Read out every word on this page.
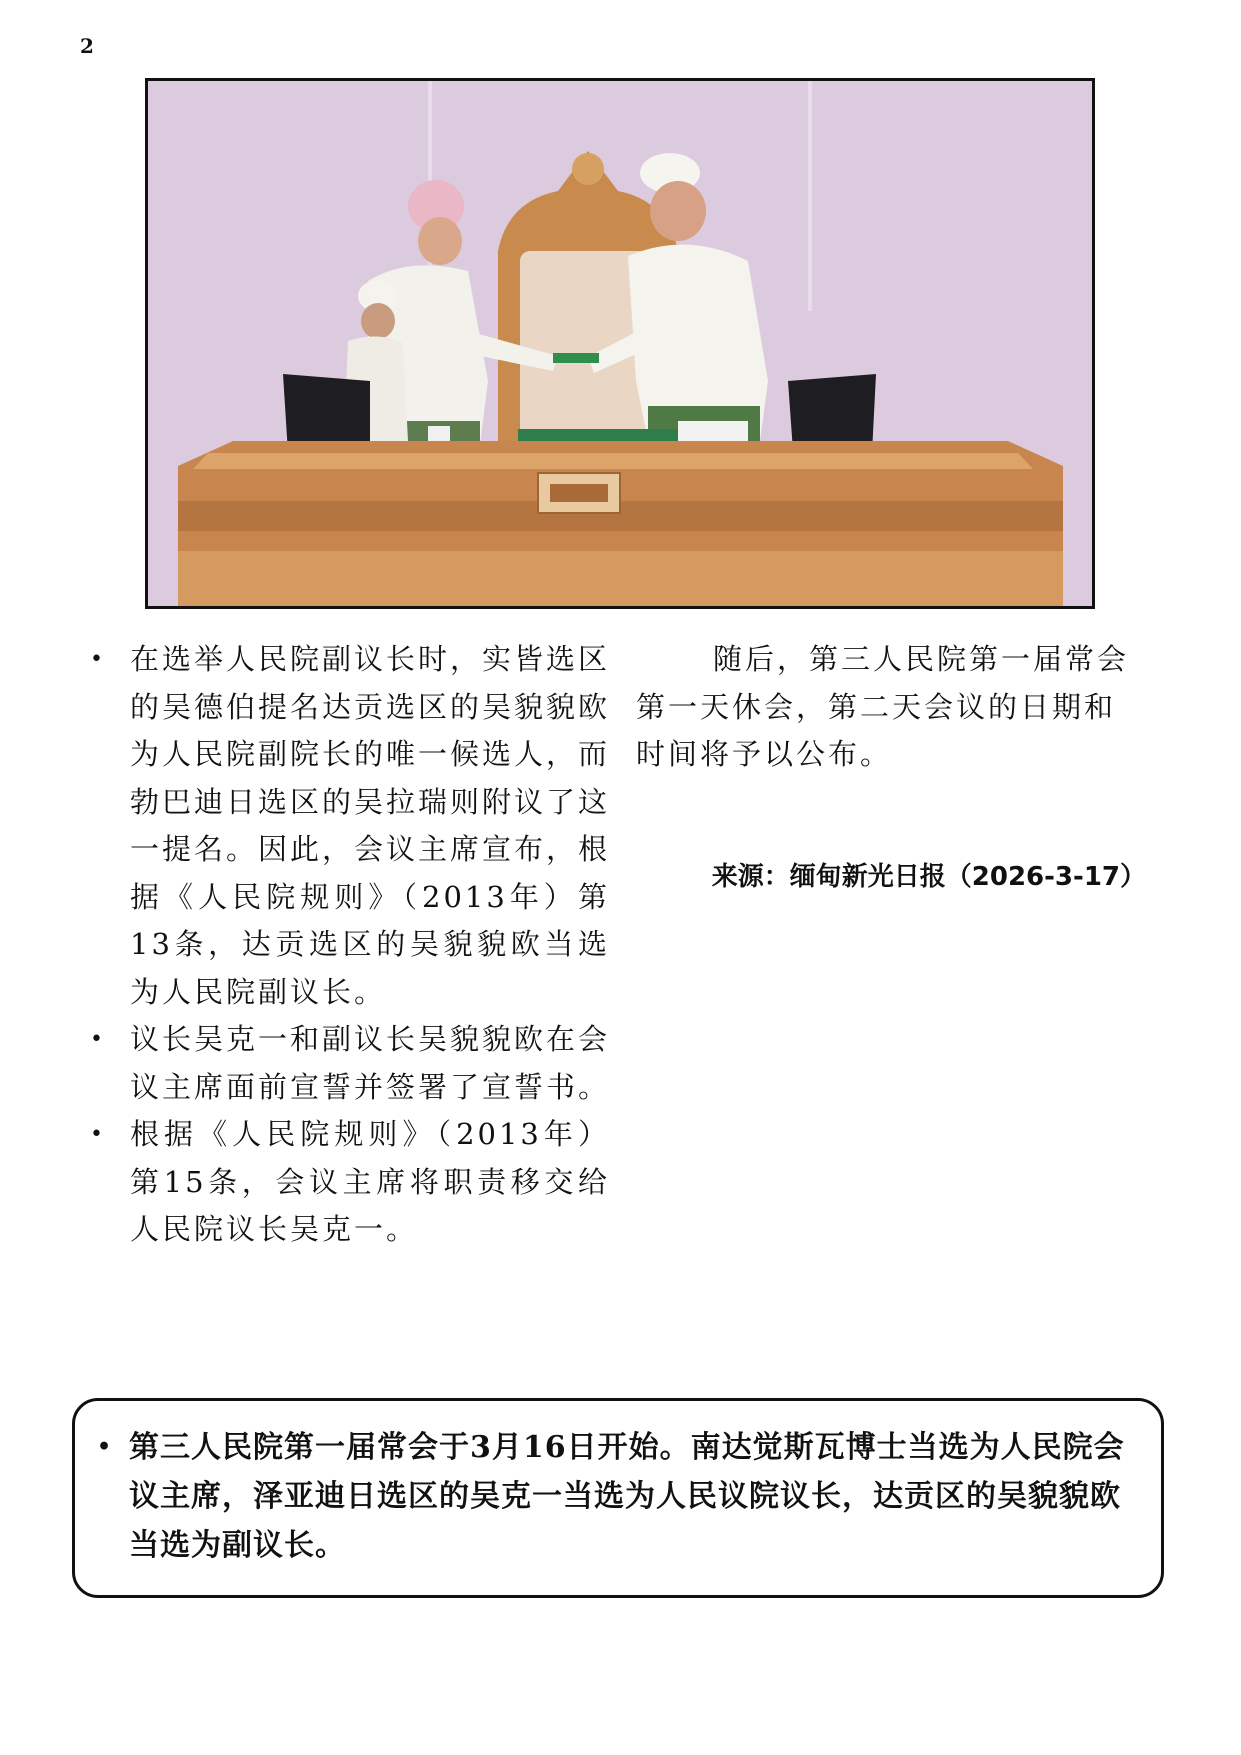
2
• 在选举人民院副议长时，实皆选区的吴德伯提名达贡选区的吴貌貌欧为人民院副院长的唯一候选人，而勃巴迪日选区的吴拉瑞则附议了这一提名。因此，会议主席宣布，根据《人民院规则》（2013年）第13条，达贡选区的吴貌貌欧当选为人民院副议长。
• 议长吴克一和副议长吴貌貌欧在会议主席面前宣誓并签署了宣誓书。
• 根据《人民院规则》（2013年）第15条，会议主席将职责移交给人民院议长吴克一。

随后，第三人民院第一届常会第一天休会，第二天会议的日期和时间将予以公布。

来源：缅甸新光日报（2026-3-17）
• 第三人民院第一届常会于3月16日开始。南达觉斯瓦博士当选为人民院会议主席，泽亚迪日选区的吴克一当选为人民议院议长，达贡区的吴貌貌欧当选为副议长。
